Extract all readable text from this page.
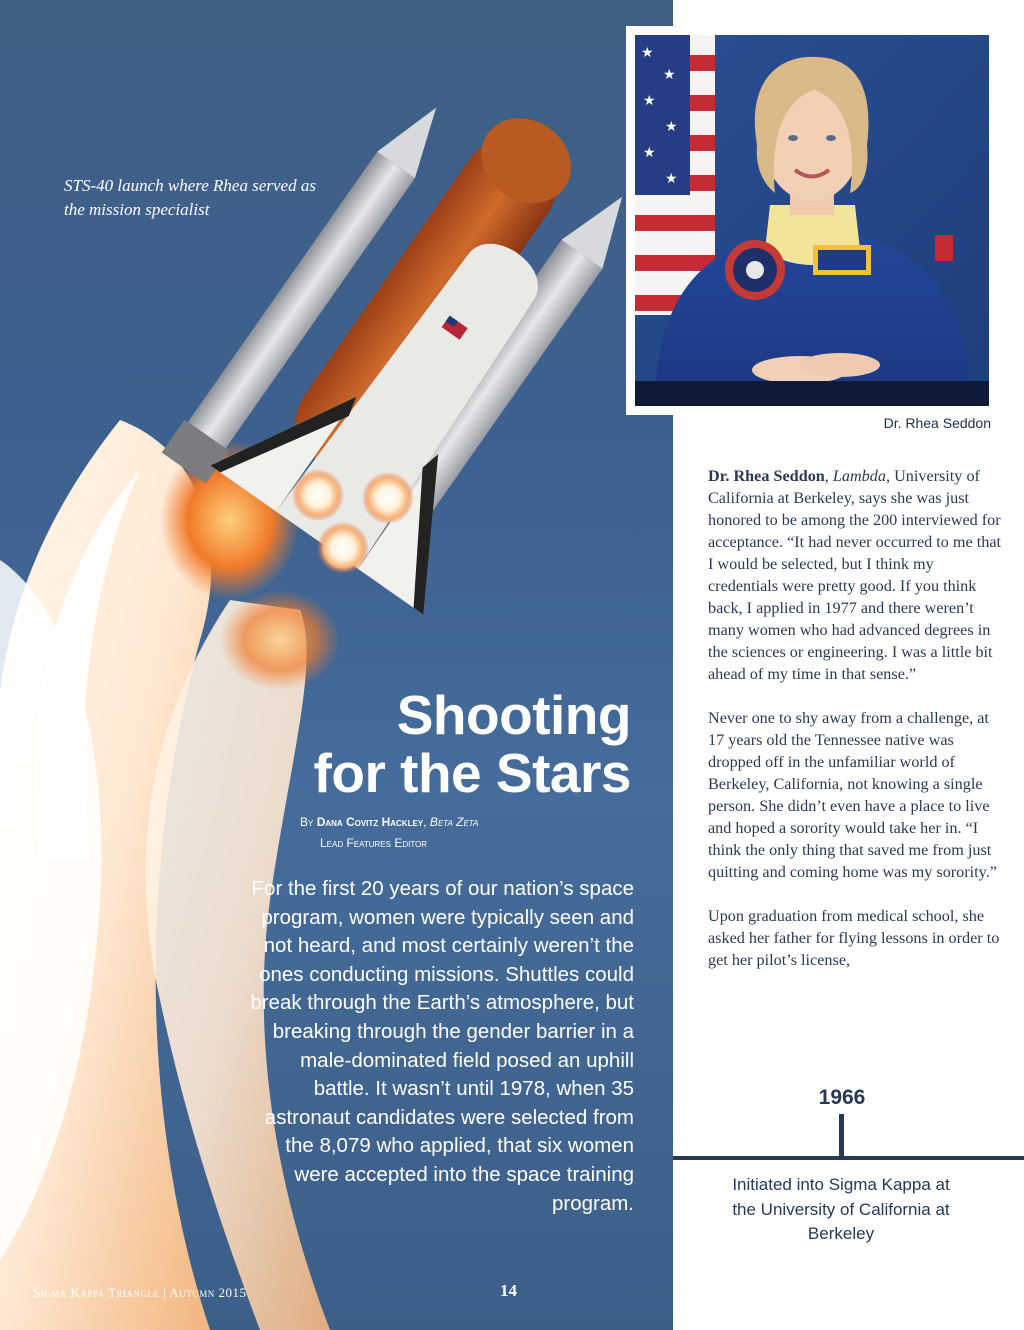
STS-40 launch where Rhea served as the mission specialist
Shooting
for the Stars
By Dana Covitz Hackley, Beta Zeta
Lead Features Editor

For the first 20 years of our nation’s space program, women were typically seen and not heard, and most certainly weren’t the ones conducting missions. Shuttles could break through the Earth’s atmosphere, but breaking through the gender barrier in a male-dominated field posed an uphill battle. It wasn’t until 1978, when 35 astronaut candidates were selected from the 8,079 who applied, that six women were accepted into the space training program.

Sigma Kappa Triangle | Autumn 2015	14
★
★
★
★
★
★
Dr. Rhea Seddon

Dr. Rhea Seddon, Lambda, University of California at Berkeley, says she was just honored to be among the 200 interviewed for acceptance. “It had never occurred to me that I would be selected, but I think my credentials were pretty good. If you think back, I applied in 1977 and there weren’t many women who had advanced degrees in the sciences or engineering. I was a little bit ahead of my time in that sense.”

Never one to shy away from a challenge, at 17 years old the Tennessee native was dropped off in the unfamiliar world of Berkeley, California, not knowing a single person. She didn’t even have a place to live and hoped a sorority would take her in. “I think the only thing that saved me from just quitting and coming home was my sorority.”

Upon graduation from medical school, she asked her father for flying lessons in order to get her pilot’s license,

1966
Initiated into Sigma Kappa at the University of California at Berkeley
